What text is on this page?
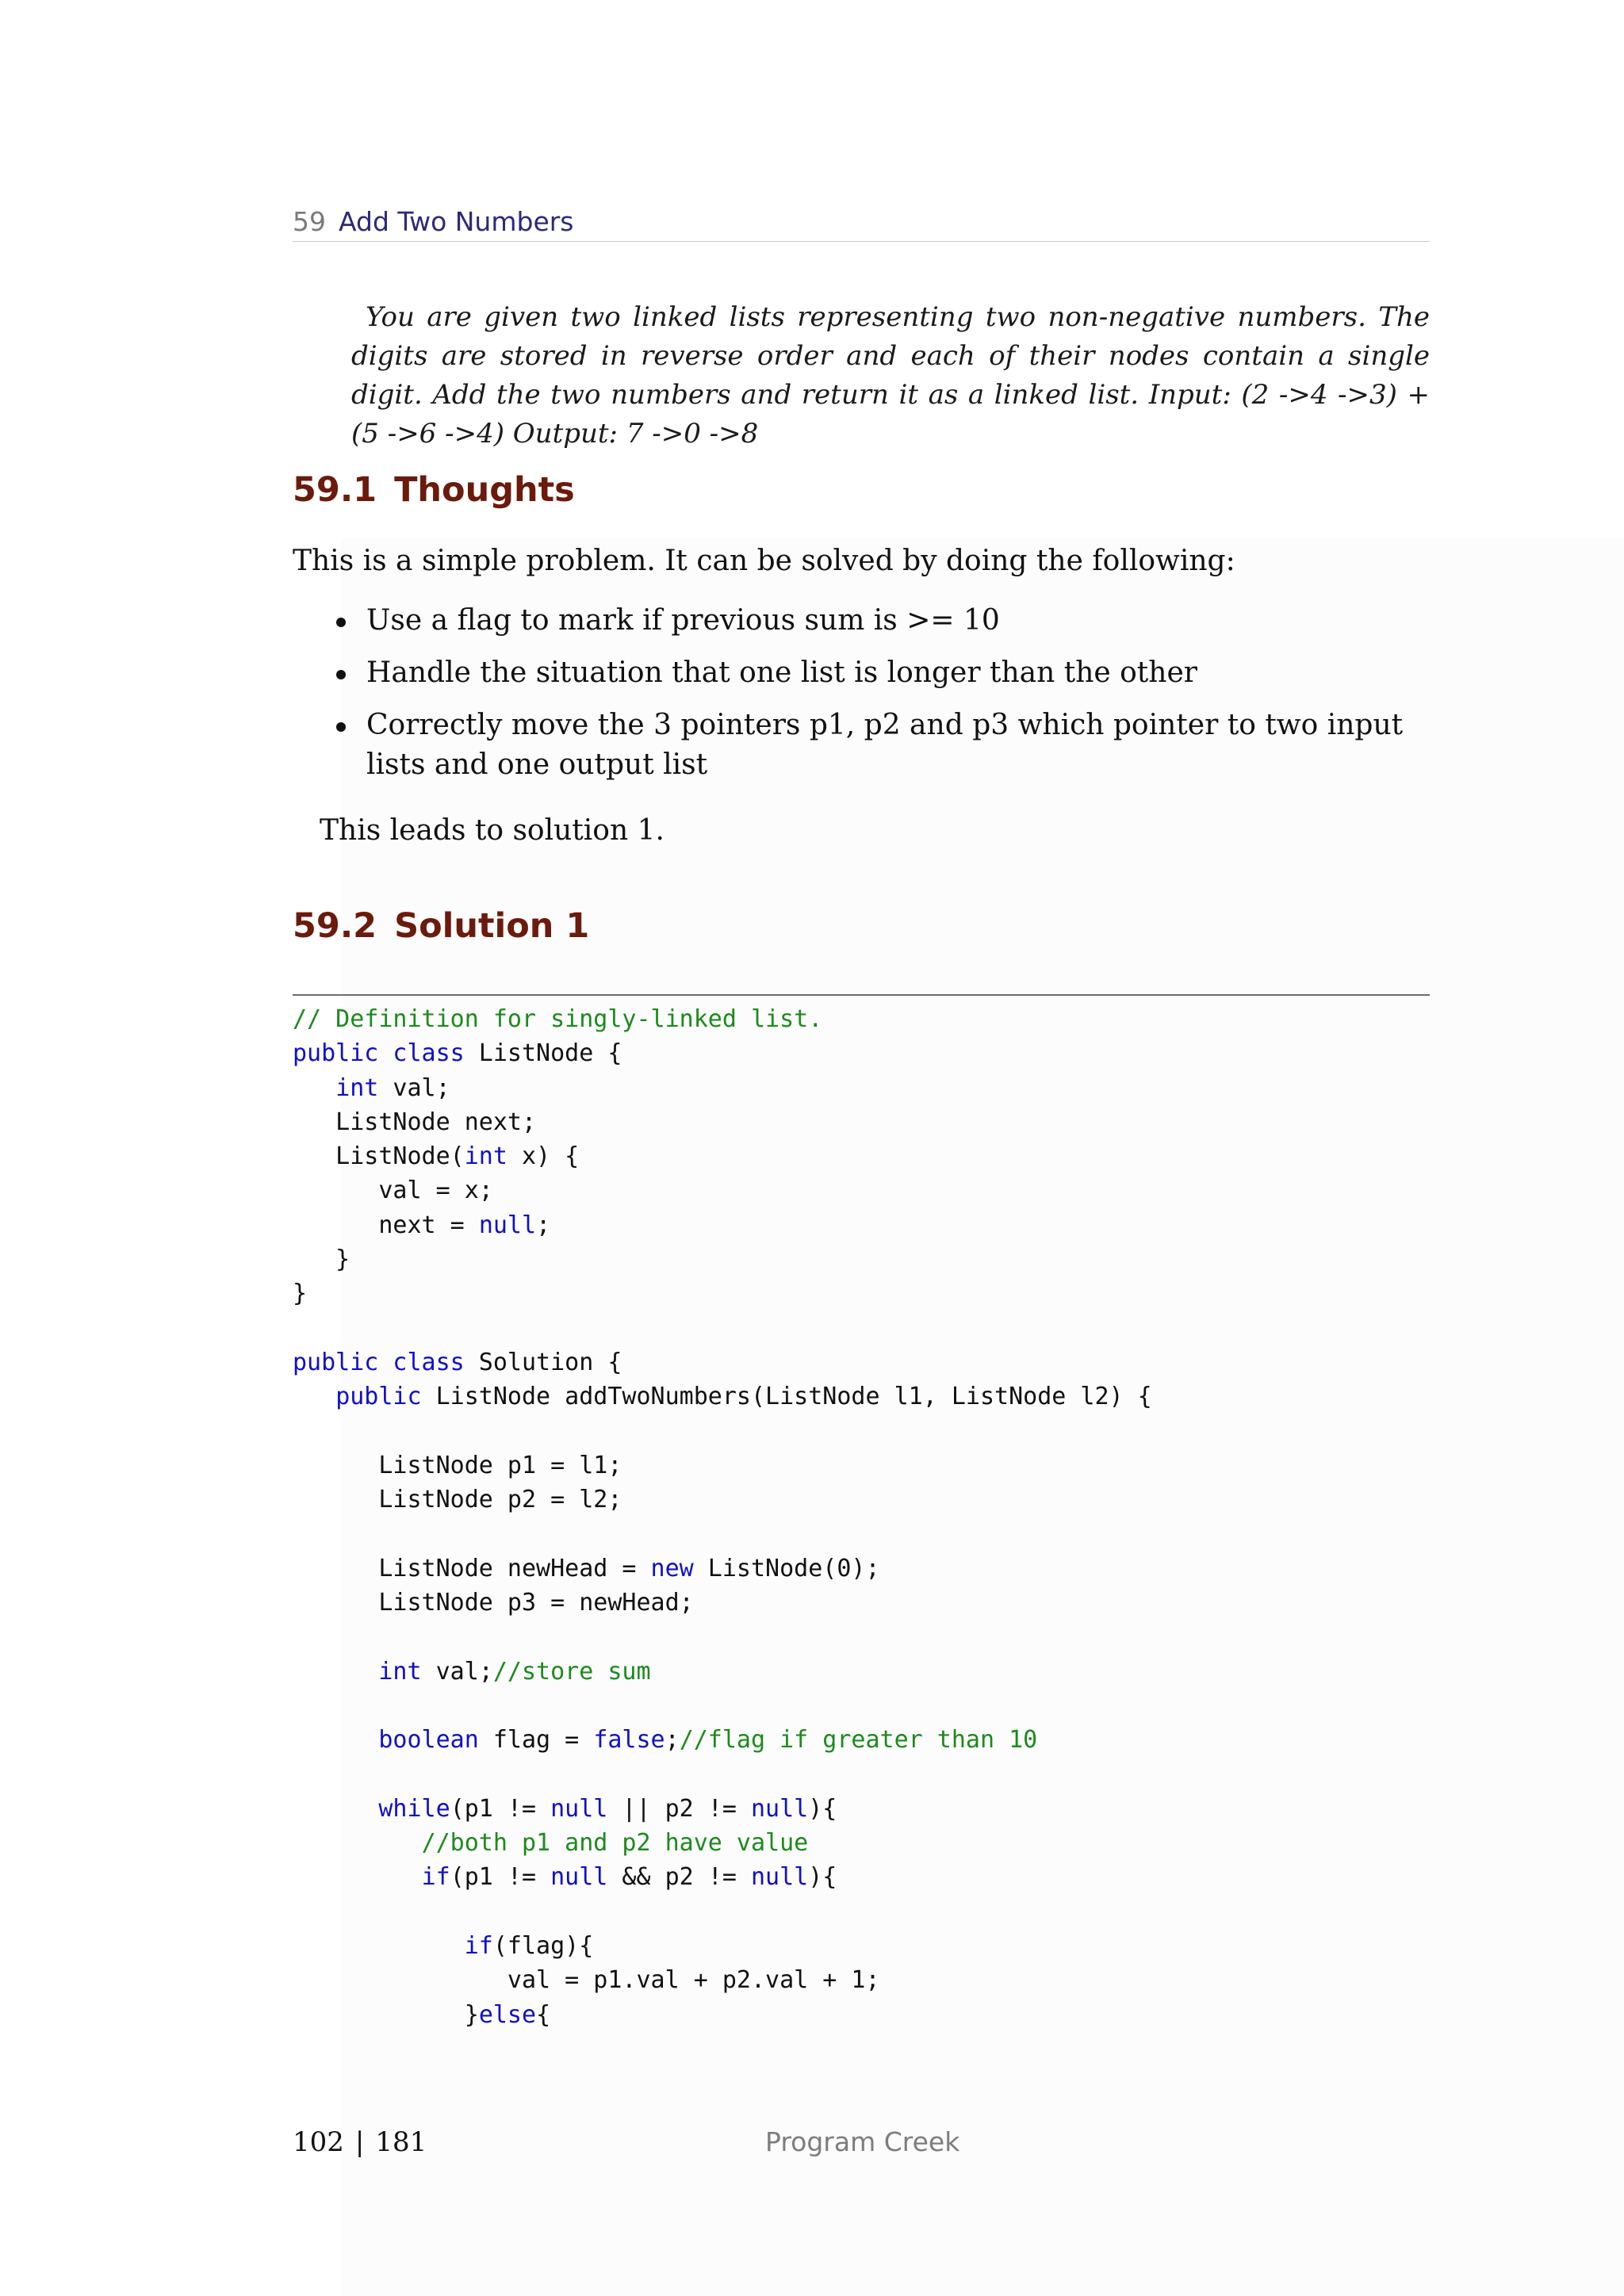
59 Add Two Numbers

You are given two linked lists representing two non-negative numbers. The digits are stored in reverse order and each of their nodes contain a single digit. Add the two numbers and return it as a linked list. Input: (2 ->4 ->3) + (5 ->6 ->4) Output: 7 ->0 ->8

59.1 Thoughts

This is a simple problem. It can be solved by doing the following:

Use a flag to mark if previous sum is >= 10
Handle the situation that one list is longer than the other
Correctly move the 3 pointers p1, p2 and p3 which pointer to two input lists and one output list

This leads to solution 1.

59.2 Solution 1
// Definition for singly-linked list.
public class ListNode {
int val;
ListNode next;
ListNode(int x) {
val = x;
next = null;
}
}

public class Solution {
public ListNode addTwoNumbers(ListNode l1, ListNode l2) {

ListNode p1 = l1;
ListNode p2 = l2;

ListNode newHead = new ListNode(0);
ListNode p3 = newHead;

int val;//store sum

boolean flag = false;//flag if greater than 10

while(p1 != null || p2 != null){
//both p1 and p2 have value
if(p1 != null && p2 != null){

if(flag){
val = p1.val + p2.val + 1;
}else{
102 | 181	Program Creek
